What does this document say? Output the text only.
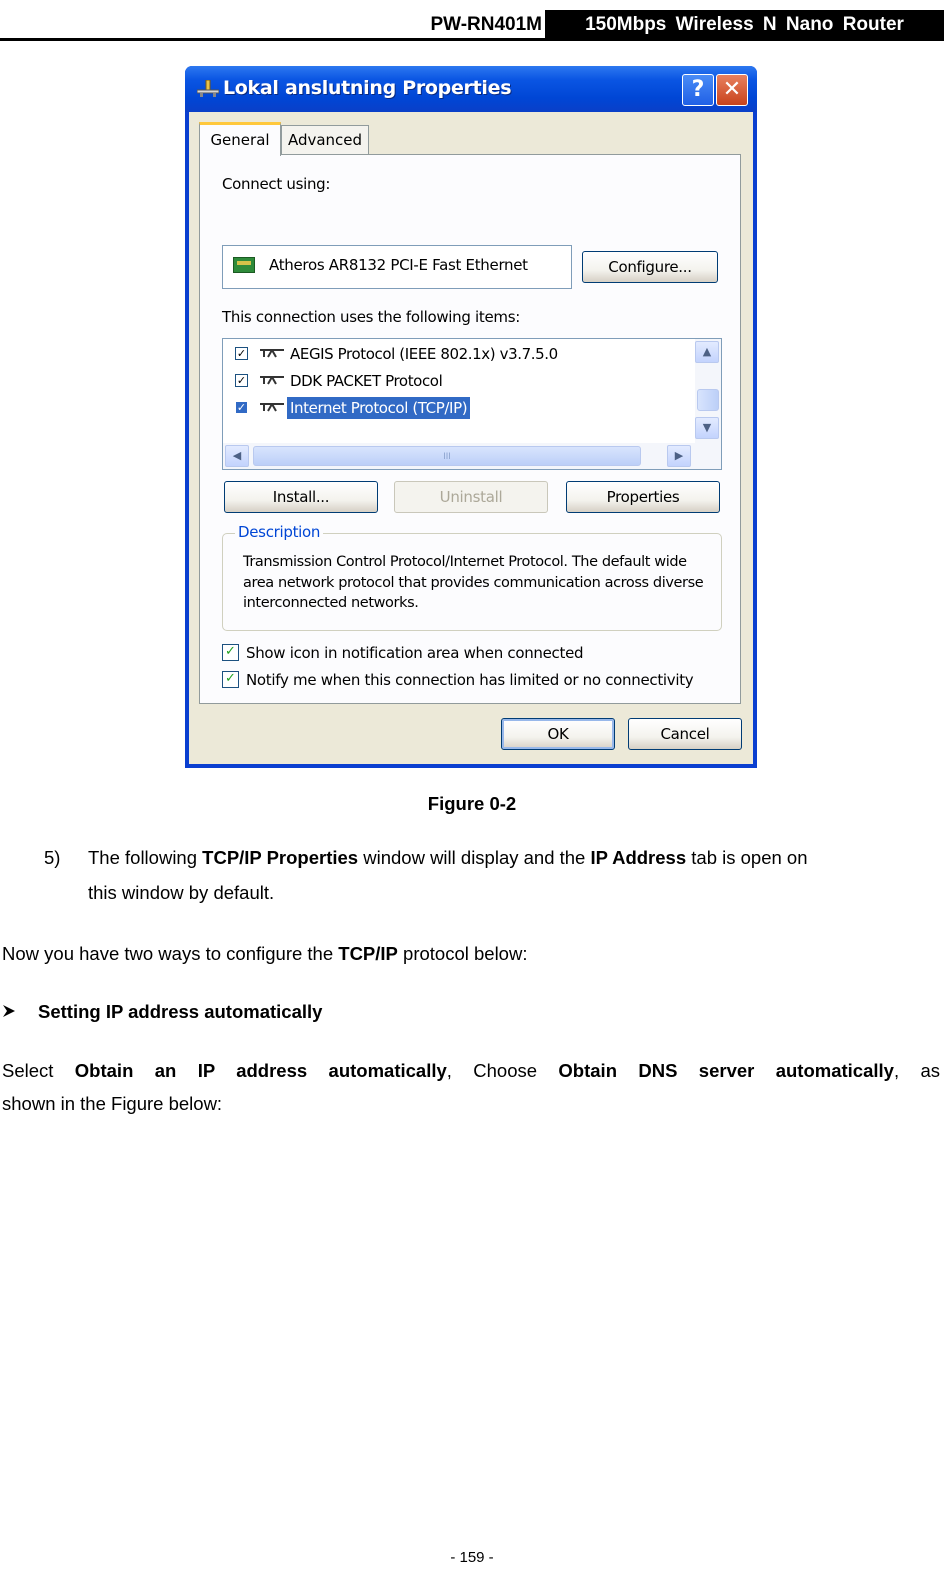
PW-RN401M	150Mbps Wireless N Nano Router
Lokal anslutning Properties	? ✕
General	Advanced
Connect using:
Atheros AR8132 PCI-E Fast Ethernet	Configure...
This connection uses the following items:
✓	AEGIS Protocol (IEEE 802.1x) v3.7.5.0
✓	DDK PACKET Protocol
✓	Internet Protocol (TCP/IP)
▲
▼
◀	III	▶
Install...	Uninstall	Properties
Description
Transmission Control Protocol/Internet Protocol. The default wide area network protocol that provides communication across diverse interconnected networks.
✓ Show icon in notification area when connected
✓ Notify me when this connection has limited or no connectivity
OK	Cancel
Figure 0-2
5) The following TCP/IP Properties window will display and the IP Address tab is open on
this window by default.
Now you have two ways to configure the TCP/IP protocol below:
Setting IP address automatically
Select Obtain an IP address automatically, Choose Obtain DNS server automatically, as
shown in the Figure below:
- 159 -
